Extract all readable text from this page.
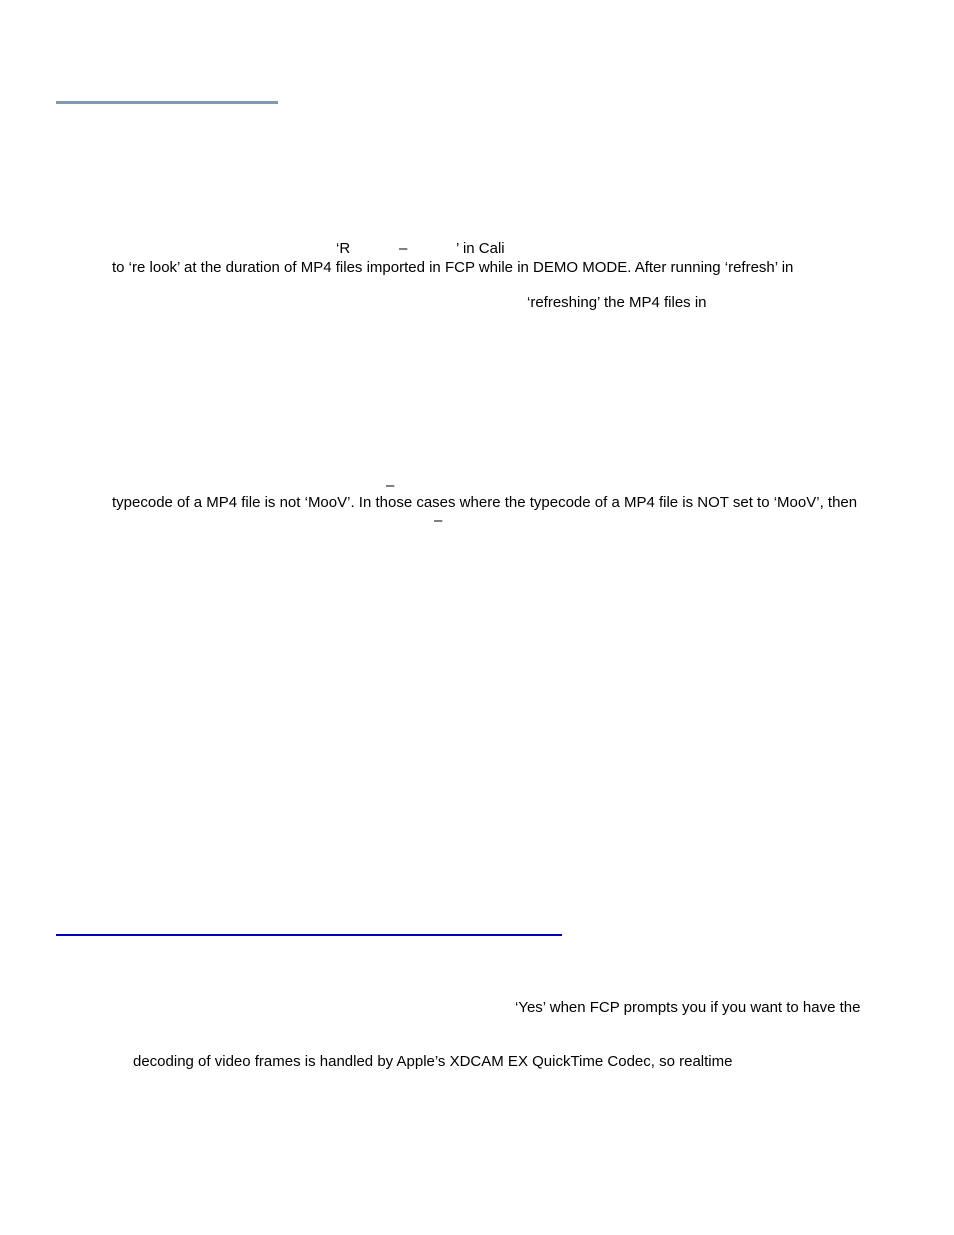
‘R	–	’ in Cali
to ‘re look’ at the duration of MP4 files imported in FCP while in DEMO MODE. After running ‘refresh’ in
‘refreshing’ the MP4 files in
–
typecode of a MP4 file is not ‘MooV’. In those cases where the typecode of a MP4 file is NOT set to ‘MooV’, then
–
‘Yes’ when FCP prompts you if you want to have the
decoding of video frames is handled by Apple’s XDCAM EX QuickTime Codec, so realtime
